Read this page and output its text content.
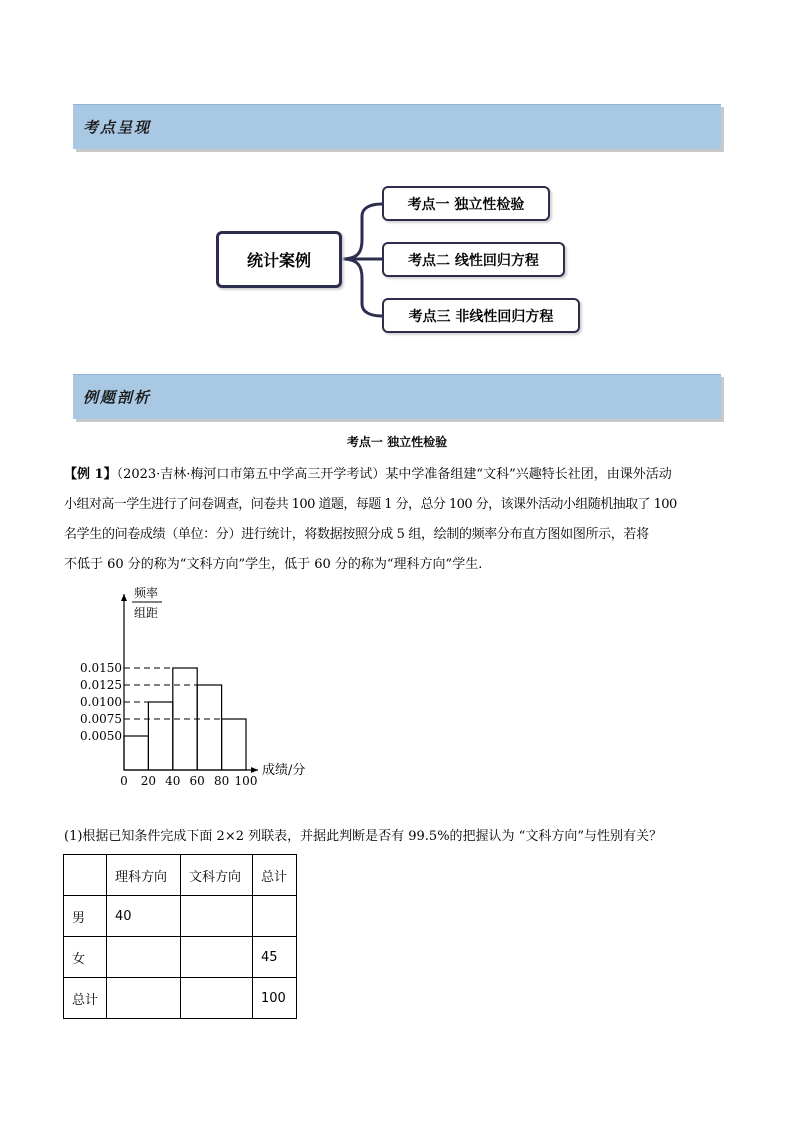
考点呈现
统计案例
考点一 独立性检验
考点二 线性回归方程
考点三 非线性回归方程
例题剖析
考点一 独立性检验

【例 1】（2023·吉林·梅河口市第五中学高三开学考试）某中学准备组建“文科”兴趣特长社团，由课外活动

小组对高一学生进行了问卷调查，问卷共 100 道题，每题 1 分，总分 100 分，该课外活动小组随机抽取了 100

名学生的问卷成绩（单位：分）进行统计，将数据按照分成 5 组，绘制的频率分布直方图如图所示，若将

不低于 60 分的称为“文科方向”学生，低于 60 分的称为“理科方向”学生.

0.0150
0.0125
0.0100
0.0075
0.0050
0 20 40 60 80 100
频率
组距
成绩/分
(1)根据已知条件完成下面 2×2 列联表，并据此判断是否有 99.5%的把握认为 “文科方向”与性别有关？
	理科方向	文科方向	总计
男	40		
女			45
总计			100
